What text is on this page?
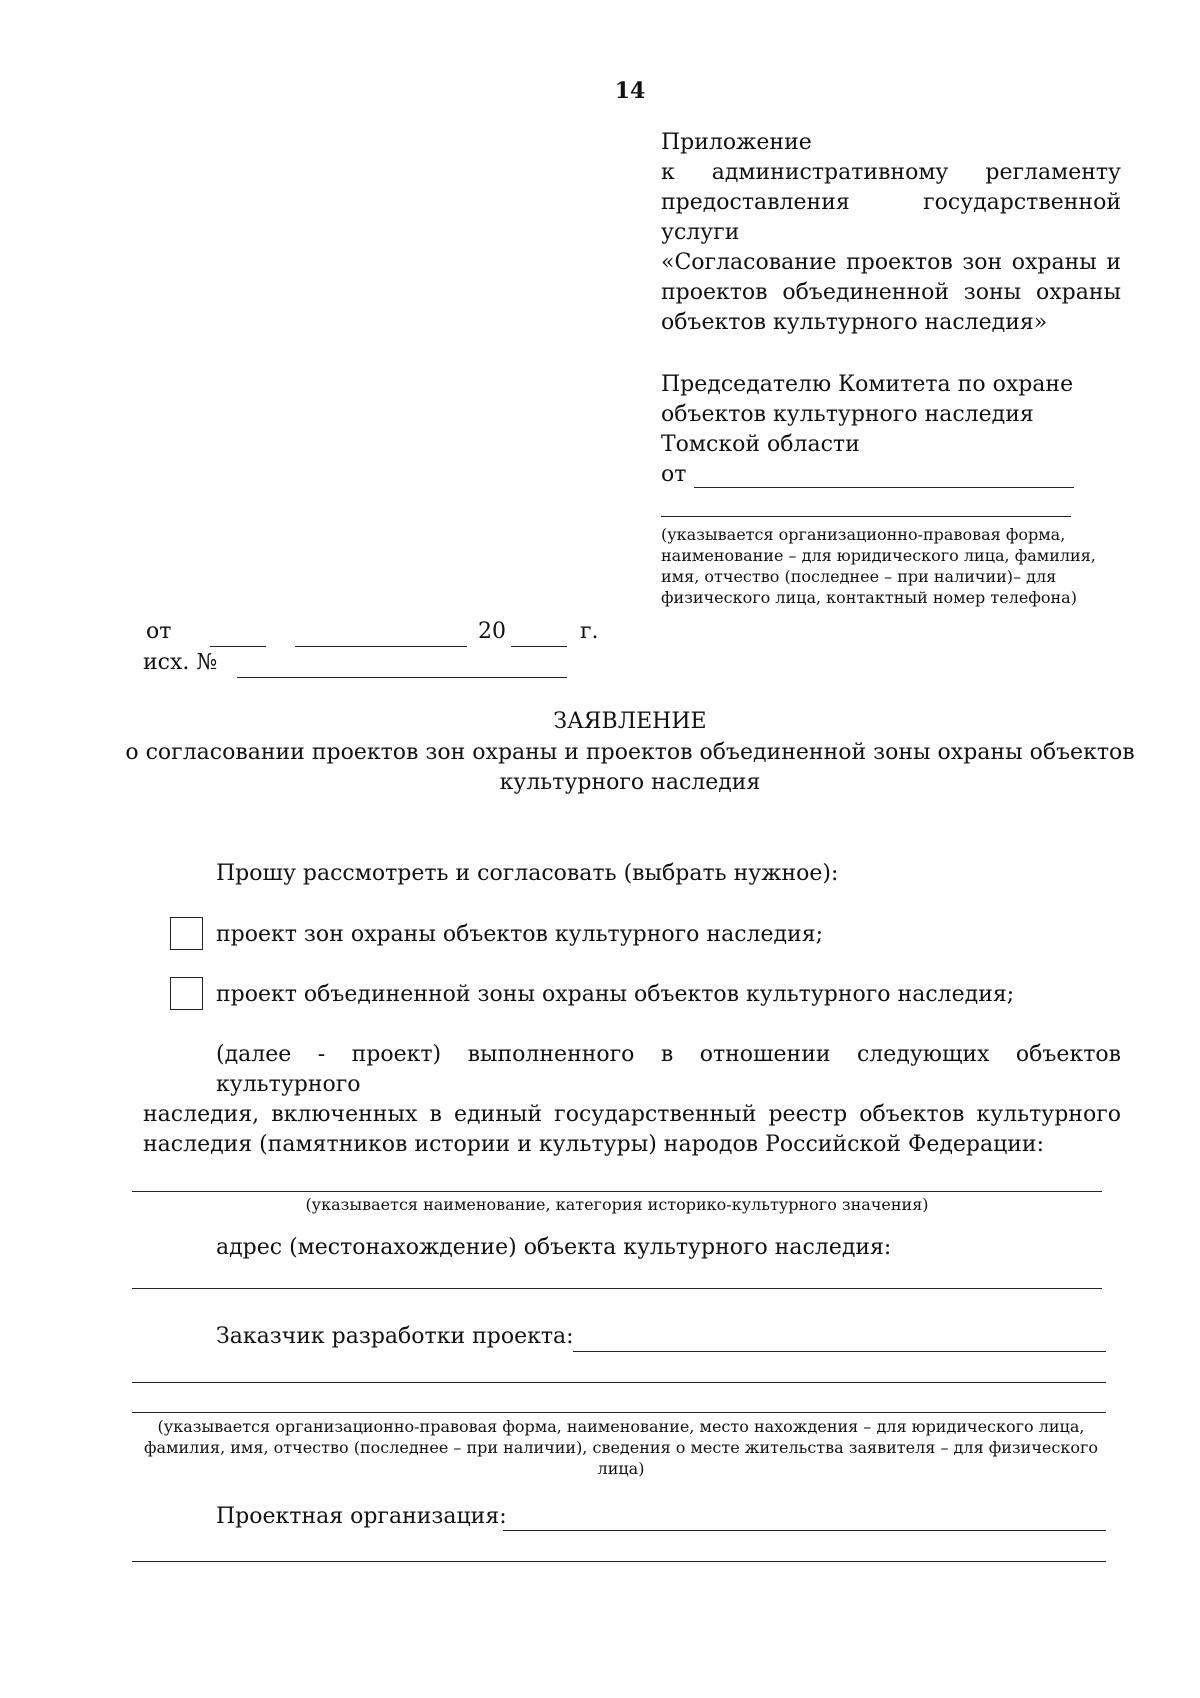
14
Приложение
к административному регламенту
предоставления государственной услуги
«Согласование проектов зон охраны и
проектов объединенной зоны охраны
объектов культурного наследия»
Председателю Комитета по охране
объектов культурного наследия
Томской области
от
(указывается организационно-правовая форма,
наименование – для юридического лица, фамилия,
имя, отчество (последнее – при наличии)– для
физического лица, контактный номер телефона)
от	20	г.
исх. №
ЗАЯВЛЕНИЕ
о согласовании проектов зон охраны и проектов объединенной зоны охраны объектов
культурного наследия
Прошу рассмотреть и согласовать (выбрать нужное):
проект зон охраны объектов культурного наследия;
проект объединенной зоны охраны объектов культурного наследия;
(далее - проект) выполненного в отношении следующих объектов культурного
наследия, включенных в единый государственный реестр объектов культурного
наследия (памятников истории и культуры) народов Российской Федерации:
(указывается наименование, категория историко-культурного значения)
адрес (местонахождение) объекта культурного наследия:
Заказчик разработки проекта:
(указывается организационно-правовая форма, наименование, место нахождения – для юридического лица,
фамилия, имя, отчество (последнее – при наличии), сведения о месте жительства заявителя – для физического
лица)
Проектная организация:
